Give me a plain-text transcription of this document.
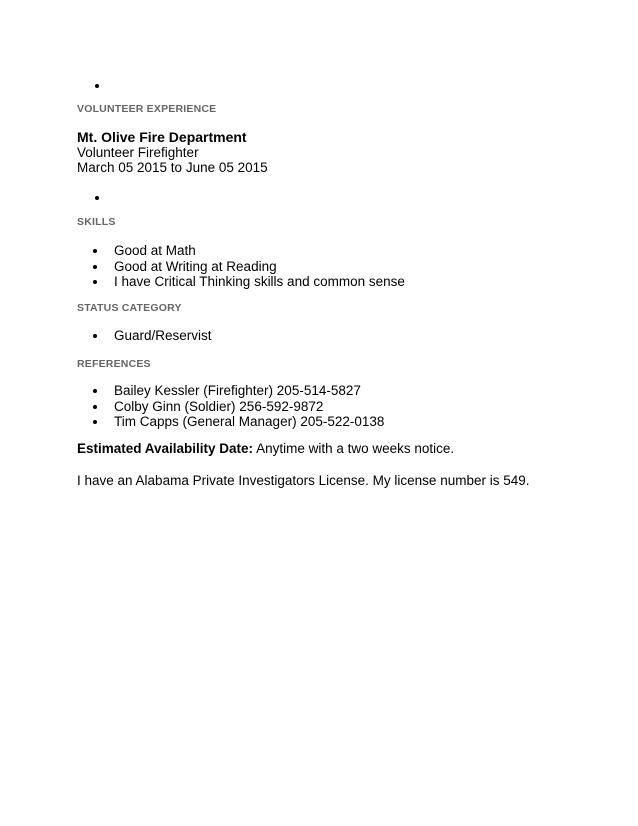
VOLUNTEER EXPERIENCE
Mt. Olive Fire Department
Volunteer Firefighter
March 05 2015 to June 05 2015
SKILLS
Good at Math
Good at Writing at Reading
I have Critical Thinking skills and common sense
STATUS CATEGORY
Guard/Reservist
REFERENCES
Bailey Kessler (Firefighter) 205-514-5827
Colby Ginn (Soldier) 256-592-9872
Tim Capps (General Manager) 205-522-0138
Estimated Availability Date: Anytime with a two weeks notice.
I have an Alabama Private Investigators License. My license number is 549.
